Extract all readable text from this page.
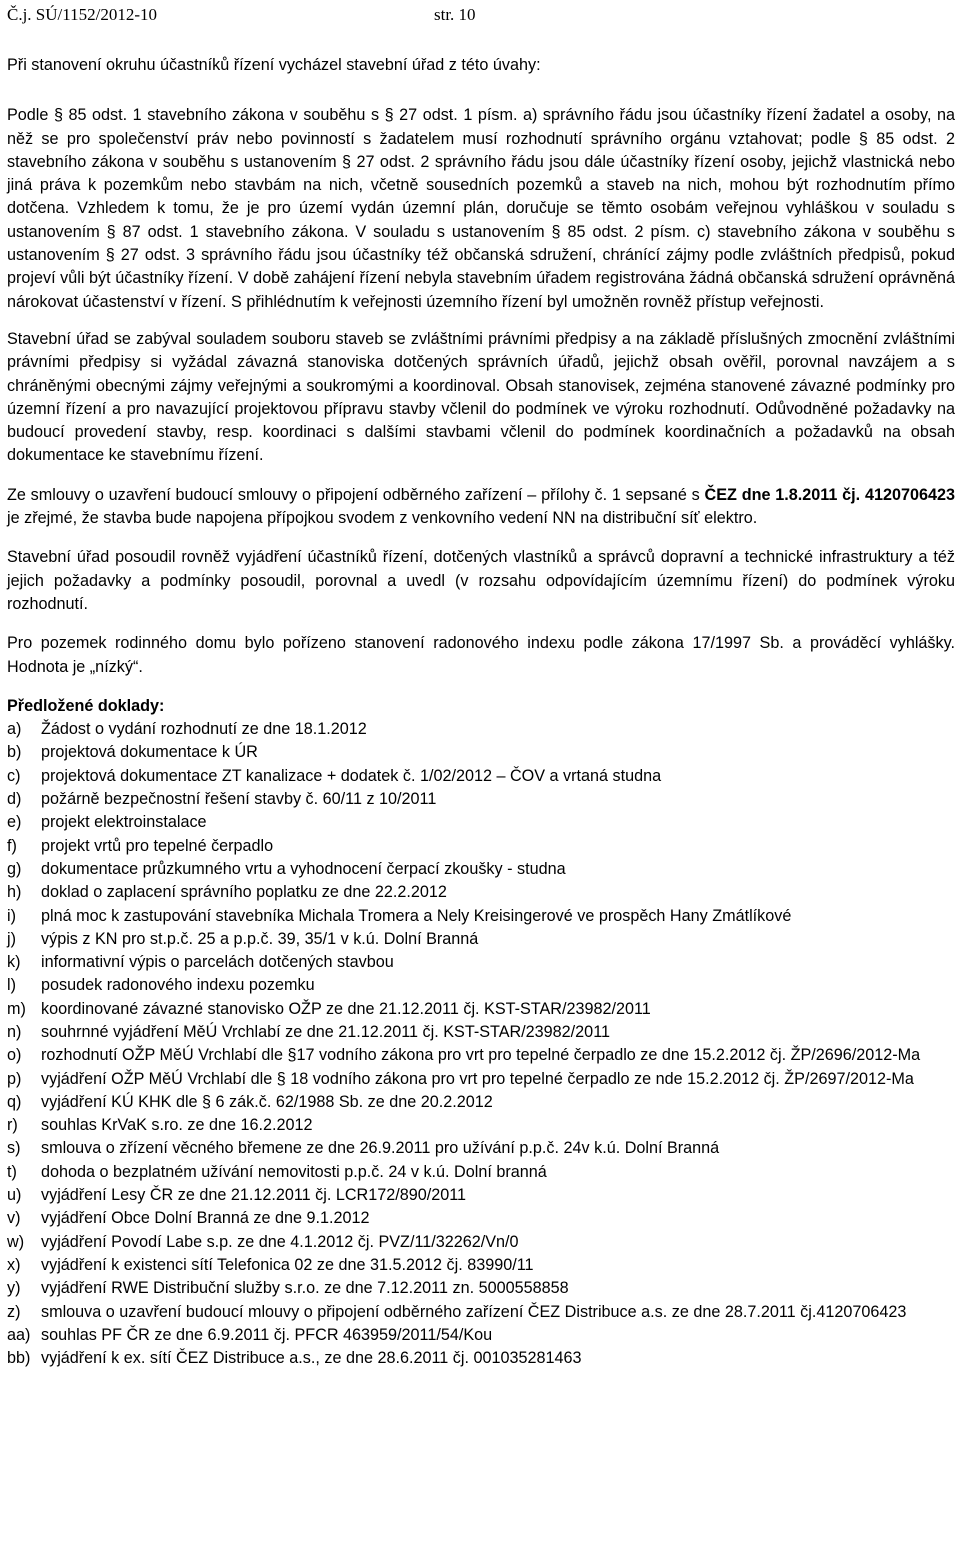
Č.j. SÚ/1152/2012-10	str. 10

Při stanovení okruhu účastníků řízení vycházel stavební úřad z této úvahy:

Podle § 85 odst. 1 stavebního zákona v souběhu s § 27 odst. 1 písm. a) správního řádu jsou účastníky řízení žadatel a osoby, na něž se pro společenství práv nebo povinností s žadatelem musí rozhodnutí správního orgánu vztahovat; podle § 85 odst. 2 stavebního zákona v souběhu s ustanovením § 27 odst. 2 správního řádu jsou dále účastníky řízení osoby, jejichž vlastnická nebo jiná práva k pozemkům nebo stavbám na nich, včetně sousedních pozemků a staveb na nich, mohou být rozhodnutím přímo dotčena. Vzhledem k tomu, že je pro území vydán územní plán, doručuje se těmto osobám veřejnou vyhláškou v souladu s ustanovením § 87 odst. 1 stavebního zákona. V souladu s ustanovením § 85 odst. 2 písm. c) stavebního zákona v souběhu s ustanovením § 27 odst. 3 správního řádu jsou účastníky též občanská sdružení, chránící zájmy podle zvláštních předpisů, pokud projeví vůli být účastníky řízení. V době zahájení řízení nebyla stavebním úřadem registrována žádná občanská sdružení oprávněná nárokovat účastenství v řízení. S přihlédnutím k veřejnosti územního řízení byl umožněn rovněž přístup veřejnosti.

Stavební úřad se zabýval souladem souboru staveb se zvláštními právními předpisy a na základě příslušných zmocnění zvláštními právními předpisy si vyžádal závazná stanoviska dotčených správních úřadů, jejichž obsah ověřil, porovnal navzájem a s chráněnými obecnými zájmy veřejnými a soukromými a koordinoval. Obsah stanovisek, zejména stanovené závazné podmínky pro územní řízení a pro navazující projektovou přípravu stavby včlenil do podmínek ve výroku rozhodnutí. Odůvodněné požadavky na budoucí provedení stavby, resp. koordinaci s dalšími stavbami včlenil do podmínek koordinačních a požadavků na obsah dokumentace ke stavebnímu řízení.

Ze smlouvy o uzavření budoucí smlouvy o připojení odběrného zařízení – přílohy č. 1 sepsané s ČEZ dne 1.8.2011 čj. 4120706423 je zřejmé, že stavba bude napojena přípojkou svodem z venkovního vedení NN na distribuční síť elektro.

Stavební úřad posoudil rovněž vyjádření účastníků řízení, dotčených vlastníků a správců dopravní a technické infrastruktury a též jejich požadavky a podmínky posoudil, porovnal a uvedl (v rozsahu odpovídajícím územnímu řízení) do podmínek výroku rozhodnutí.

Pro pozemek rodinného domu bylo pořízeno stanovení radonového indexu podle zákona 17/1997 Sb. a prováděcí vyhlášky. Hodnota je „nízký“.

Předložené doklady:
a)	Žádost o vydání rozhodnutí ze dne 18.1.2012
b)	projektová dokumentace k ÚR
c)	projektová dokumentace ZT kanalizace + dodatek č. 1/02/2012 – ČOV a vrtaná studna
d)	požárně bezpečnostní řešení stavby č. 60/11 z 10/2011
e)	projekt elektroinstalace
f)	projekt vrtů pro tepelné čerpadlo
g)	dokumentace průzkumného vrtu a vyhodnocení čerpací zkoušky - studna
h)	doklad o zaplacení správního poplatku ze dne 22.2.2012
i)	plná moc k zastupování stavebníka Michala Tromera a Nely Kreisingerové ve prospěch Hany Zmátlíkové
j)	výpis z KN pro st.p.č. 25 a p.p.č. 39, 35/1 v k.ú. Dolní Branná
k)	informativní výpis o parcelách dotčených stavbou
l)	posudek radonového indexu pozemku
m) koordinované závazné stanovisko OŽP ze dne 21.12.2011 čj. KST-STAR/23982/2011
n)	souhrnné vyjádření MěÚ Vrchlabí ze dne 21.12.2011 čj. KST-STAR/23982/2011
o)	rozhodnutí OŽP MěÚ Vrchlabí dle §17 vodního zákona pro vrt pro tepelné čerpadlo ze dne 15.2.2012 čj. ŽP/2696/2012-Ma
p)	vyjádření OŽP MěÚ Vrchlabí dle § 18 vodního zákona pro vrt pro tepelné čerpadlo ze nde 15.2.2012 čj. ŽP/2697/2012-Ma
q)	vyjádření KÚ KHK dle § 6 zák.č. 62/1988 Sb. ze dne 20.2.2012
r)	souhlas KrVaK s.ro. ze dne 16.2.2012
s)	smlouva o zřízení věcného břemene ze dne 26.9.2011 pro užívání p.p.č. 24v k.ú. Dolní Branná
t)	dohoda o bezplatném užívání nemovitosti p.p.č. 24 v k.ú. Dolní branná
u)	vyjádření Lesy ČR ze dne 21.12.2011 čj. LCR172/890/2011
v)	vyjádření Obce Dolní Branná ze dne 9.1.2012
w)	vyjádření Povodí Labe s.p. ze dne 4.1.2012 čj. PVZ/11/32262/Vn/0
x)	vyjádření k existenci sítí Telefonica 02 ze dne 31.5.2012 čj. 83990/11
y)	vyjádření RWE Distribuční služby s.r.o. ze dne 7.12.2011 zn. 5000558858
z)	smlouva o uzavření budoucí mlouvy o připojení odběrného zařízení ČEZ Distribuce a.s. ze dne 28.7.2011 čj.4120706423
aa) souhlas PF ČR ze dne 6.9.2011 čj. PFCR 463959/2011/54/Kou
bb) vyjádření k ex. sítí ČEZ Distribuce a.s., ze dne 28.6.2011 čj. 001035281463
